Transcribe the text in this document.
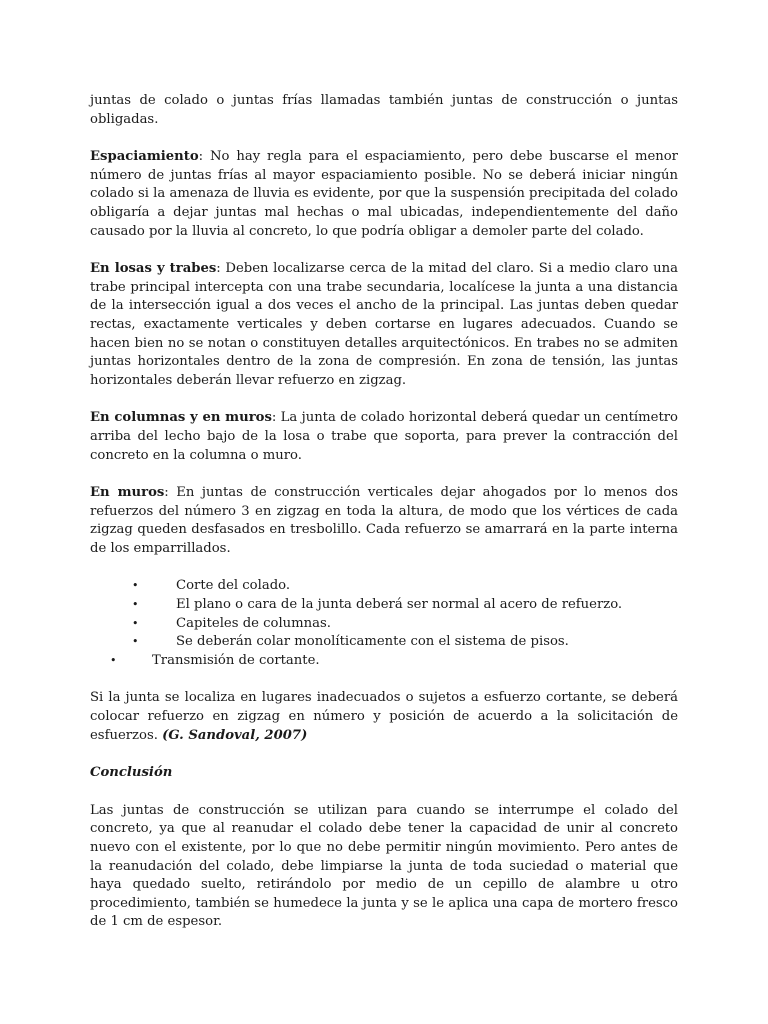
juntas de colado o juntas frías llamadas también juntas de construcción o juntas obligadas.

Espaciamiento: No hay regla para el espaciamiento, pero debe buscarse el menor número de juntas frías al mayor espaciamiento posible. No se deberá iniciar ningún colado si la amenaza de lluvia es evidente, por que la suspensión precipitada del colado obligaría a dejar juntas mal hechas o mal ubicadas, independientemente del daño causado por la lluvia al concreto, lo que podría obligar a demoler parte del colado.

En losas y trabes: Deben localizarse cerca de la mitad del claro. Si a medio claro una trabe principal intercepta con una trabe secundaria, localícese la junta a una distancia de la intersección igual a dos veces el ancho de la principal. Las juntas deben quedar rectas, exactamente verticales y deben cortarse en lugares adecuados. Cuando se hacen bien no se notan o constituyen detalles arquitectónicos. En trabes no se admiten juntas horizontales dentro de la zona de compresión. En zona de tensión, las juntas horizontales deberán llevar refuerzo en zigzag.

En columnas y en muros: La junta de colado horizontal deberá quedar un centímetro arriba del lecho bajo de la losa o trabe que soporta, para prever la contracción del concreto en la columna o muro.

En muros: En juntas de construcción verticales dejar ahogados por lo menos dos refuerzos del número 3 en zigzag en toda la altura, de modo que los vértices de cada zigzag queden desfasados en tresbolillo. Cada refuerzo se amarrará en la parte interna de los emparrillados.

•	Corte del colado.
•	El plano o cara de la junta deberá ser normal al acero de refuerzo.
•	Capiteles de columnas.
•	Se deberán colar monolíticamente con el sistema de pisos.
•	Transmisión de cortante.

Si la junta se localiza en lugares inadecuados o sujetos a esfuerzo cortante, se deberá colocar refuerzo en zigzag en número y posición de acuerdo a la solicitación de esfuerzos. (G. Sandoval, 2007)

Conclusión

Las juntas de construcción se utilizan para cuando se interrumpe el colado del concreto, ya que al reanudar el colado debe tener la capacidad de unir al concreto nuevo con el existente, por lo que no debe permitir ningún movimiento. Pero antes de la reanudación del colado, debe limpiarse la junta de toda suciedad o material que haya quedado suelto, retirándolo por medio de un cepillo de alambre u otro procedimiento, también se humedece la junta y se le aplica una capa de mortero fresco de 1 cm de espesor.
